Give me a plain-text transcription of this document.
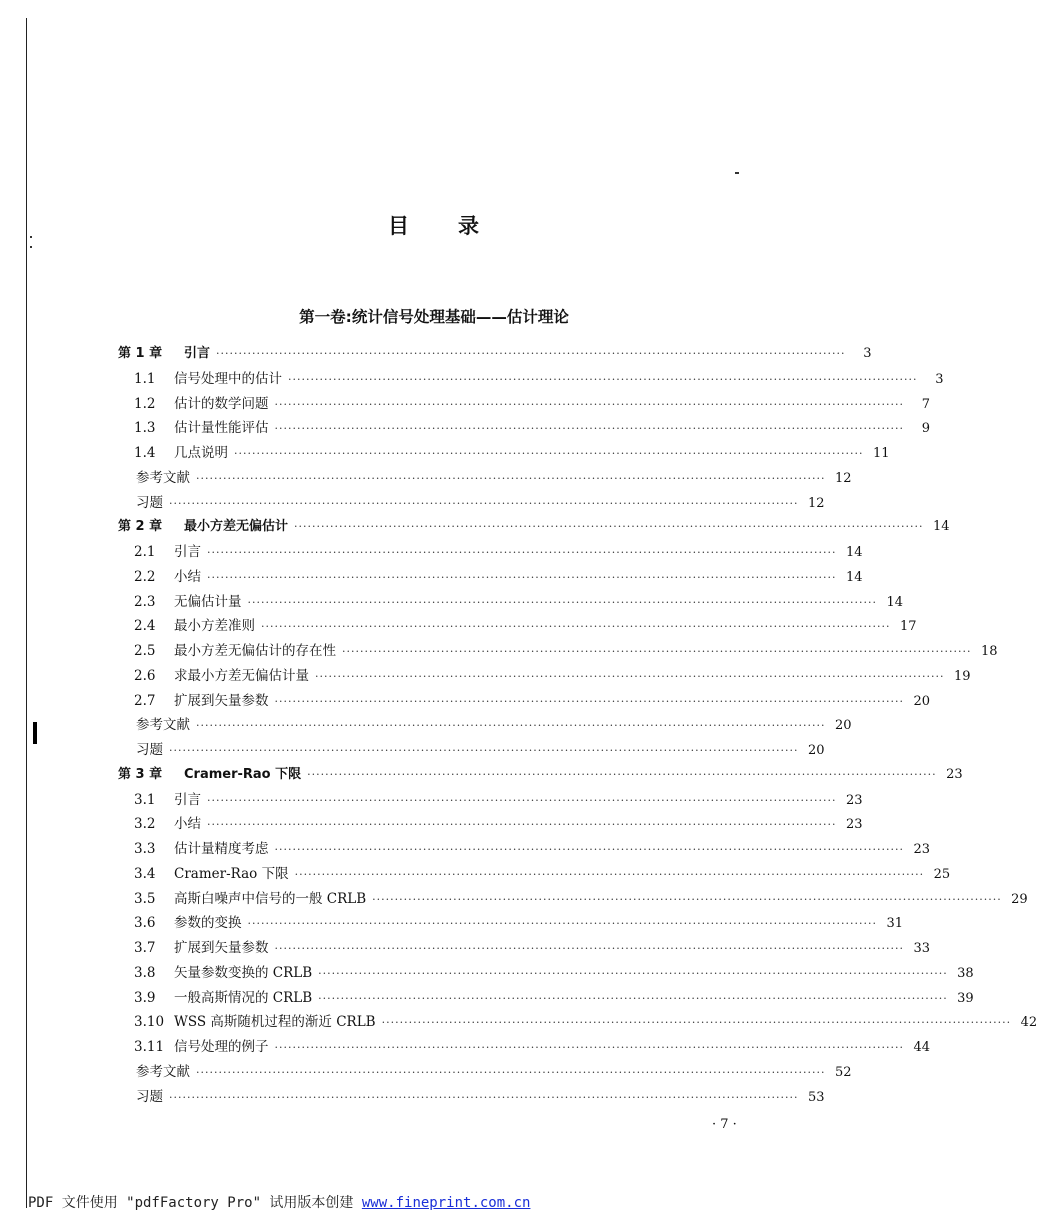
目 录
第一卷:统计信号处理基础——估计理论
第 1 章	引言 ············································································································································	3
1.1	信号处理中的估计 ············································································································································	3
1.2	估计的数学问题 ············································································································································	7
1.3	估计量性能评估 ············································································································································	9
1.4	几点说明 ············································································································································ 11
参考文献 ············································································································································ 12
习题 ············································································································································ 12
第 2 章	最小方差无偏估计 ············································································································································ 14
2.1	引言 ············································································································································ 14
2.2	小结 ············································································································································ 14
2.3	无偏估计量 ············································································································································ 14
2.4	最小方差准则 ············································································································································ 17
2.5	最小方差无偏估计的存在性 ············································································································································ 18
2.6	求最小方差无偏估计量 ············································································································································ 19
2.7	扩展到矢量参数 ············································································································································ 20
参考文献 ············································································································································ 20
习题 ············································································································································ 20
第 3 章	Cramer-Rao 下限 ············································································································································ 23
3.1	引言 ············································································································································ 23
3.2	小结 ············································································································································ 23
3.3	估计量精度考虑 ············································································································································ 23
3.4	Cramer-Rao 下限 ············································································································································ 25
3.5	高斯白噪声中信号的一般 CRLB ············································································································································ 29
3.6	参数的变换 ············································································································································ 31
3.7	扩展到矢量参数 ············································································································································ 33
3.8	矢量参数变换的 CRLB ············································································································································ 38
3.9	一般高斯情况的 CRLB ············································································································································ 39
3.10 WSS 高斯随机过程的渐近 CRLB ············································································································································ 42
3.11 信号处理的例子 ············································································································································ 44
参考文献 ············································································································································ 52
习题 ············································································································································ 53
· 7 ·
PDF 文件使用 "pdfFactory Pro" 试用版本创建 www.fineprint.com.cn
